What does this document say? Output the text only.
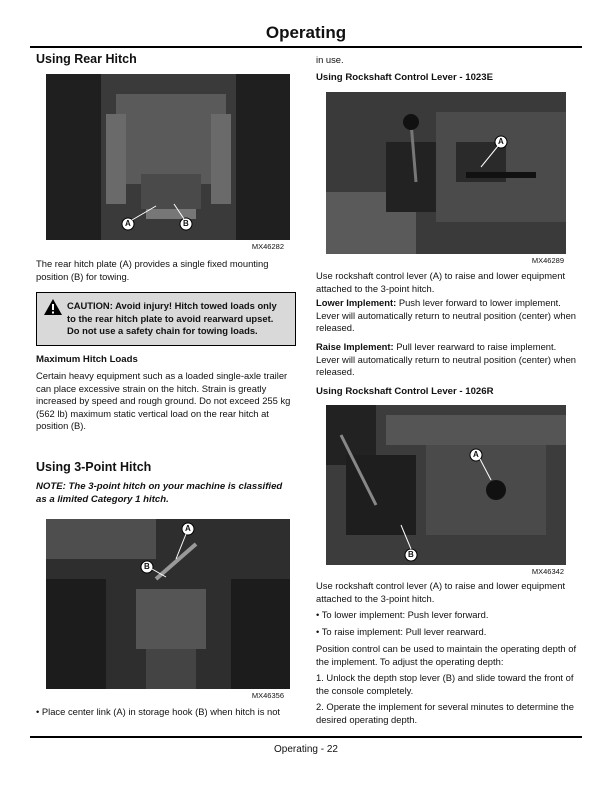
Operating
Using Rear Hitch
A	B
MX46282

The rear hitch plate (A) provides a single fixed mounting position (B) for towing.

CAUTION: Avoid injury! Hitch towed loads only
to the rear hitch plate to avoid rearward upset.
Do not use a safety chain for towing loads.
Maximum Hitch Loads

Certain heavy equipment such as a loaded single-axle trailer can place excessive strain on the hitch. Strain is greatly increased by speed and rough ground. Do not exceed 255 kg (562 lb) maximum static vertical load on the rear hitch at position (B).

Using 3-Point Hitch
NOTE: The 3-point hitch on your machine is classified as a limited Category 1 hitch.
A
B
MX46356

• Place center link (A) in storage hook (B) when hitch is not

in use.

Using Rockshaft Control Lever - 1023E
A
MX46289

Use rockshaft control lever (A) to raise and lower equipment attached to the 3-point hitch.

Lower Implement: Push lever forward to lower implement. Lever will automatically return to neutral position (center) when released.

Raise Implement: Pull lever rearward to raise implement. Lever will automatically return to neutral position (center) when released.

Using Rockshaft Control Lever - 1026R
A
B
MX46342

Use rockshaft control lever (A) to raise and lower equipment attached to the 3-point hitch.

• To lower implement: Push lever forward.

• To raise implement: Pull lever rearward.

Position control can be used to maintain the operating depth of the implement. To adjust the operating depth:

1. Unlock the depth stop lever (B) and slide toward the front of the console completely.

2. Operate the implement for several minutes to determine the desired operating depth.

Operating - 22
